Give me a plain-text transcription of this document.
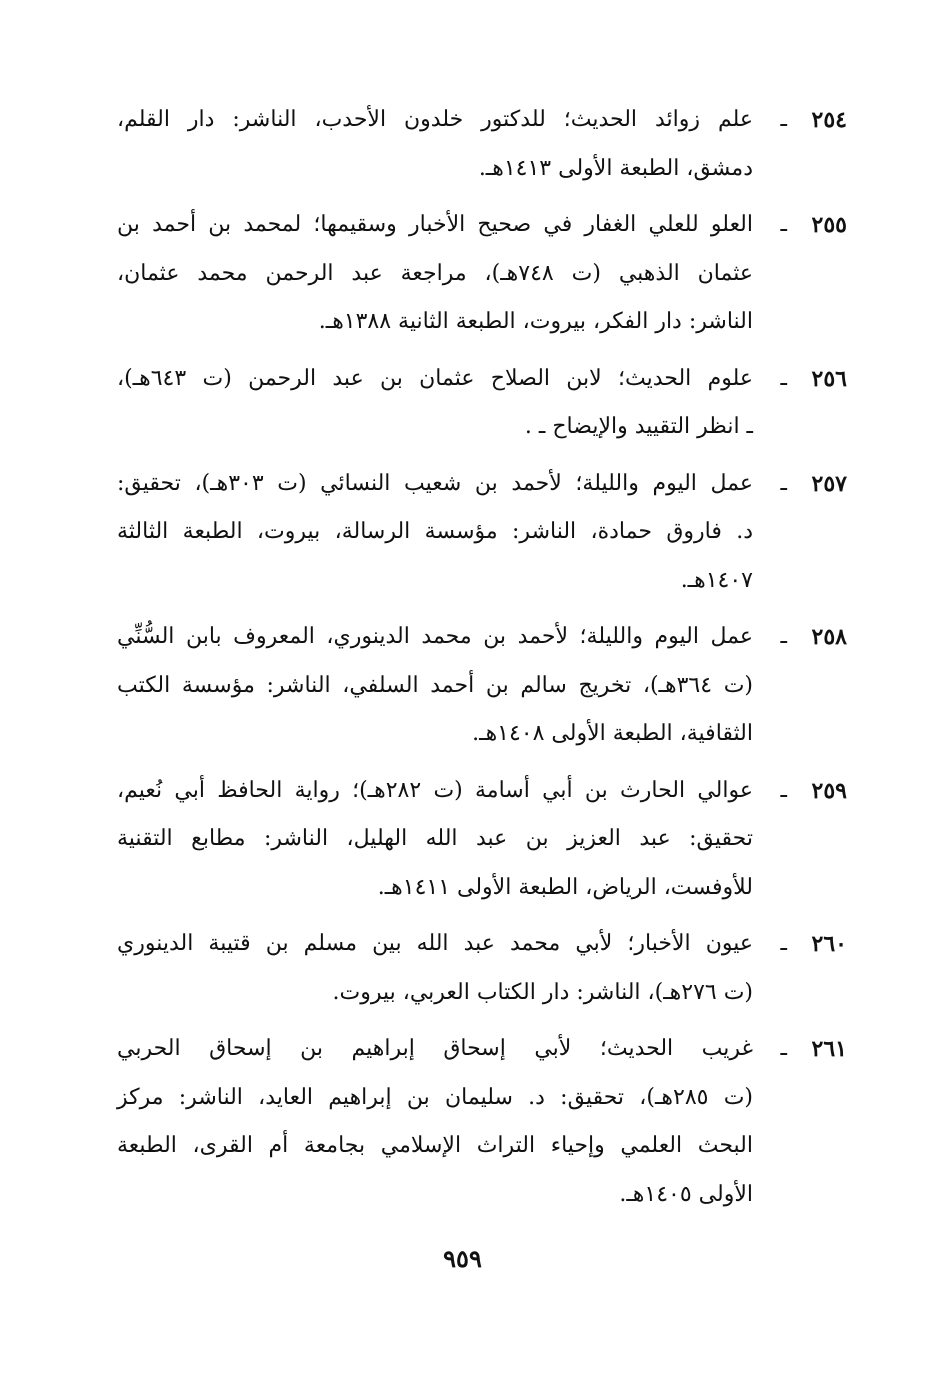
٢٥٤
ـ
علم زوائد الحديث؛ للدكتور خلدون الأحدب، الناشر: دار القلم،
دمشق، الطبعة الأولى ١٤١٣هـ.
٢٥٥
ـ
العلو للعلي الغفار في صحيح الأخبار وسقيمها؛ لمحمد بن أحمد بن
عثمان الذهبي (ت ٧٤٨هـ)، مراجعة عبد الرحمن محمد عثمان،
الناشر: دار الفكر، بيروت، الطبعة الثانية ١٣٨٨هـ.
٢٥٦
ـ
علوم الحديث؛ لابن الصلاح عثمان بن عبد الرحمن (ت ٦٤٣هـ)،
ـ انظر التقييد والإيضاح ـ .
٢٥٧
ـ
عمل اليوم والليلة؛ لأحمد بن شعيب النسائي (ت ٣٠٣هـ)، تحقيق:
د. فاروق حمادة، الناشر: مؤسسة الرسالة، بيروت، الطبعة الثالثة
١٤٠٧هـ.
٢٥٨
ـ
عمل اليوم والليلة؛ لأحمد بن محمد الدينوري، المعروف بابن السُّنِّي
(ت ٣٦٤هـ)، تخريج سالم بن أحمد السلفي، الناشر: مؤسسة الكتب
الثقافية، الطبعة الأولى ١٤٠٨هـ.
٢٥٩
ـ
عوالي الحارث بن أبي أسامة (ت ٢٨٢هـ)؛ رواية الحافظ أبي نُعيم،
تحقيق: عبد العزيز بن عبد الله الهليل، الناشر: مطابع التقنية
للأوفست، الرياض، الطبعة الأولى ١٤١١هـ.
٢٦٠
ـ
عيون الأخبار؛ لأبي محمد عبد الله بين مسلم بن قتيبة الدينوري
(ت ٢٧٦هـ)، الناشر: دار الكتاب العربي، بيروت.
٢٦١
ـ
غريب الحديث؛ لأبي إسحاق إبراهيم بن إسحاق الحربي
(ت ٢٨٥هـ)، تحقيق: د. سليمان بن إبراهيم العايد، الناشر: مركز
البحث العلمي وإحياء التراث الإسلامي بجامعة أم القرى، الطبعة
الأولى ١٤٠٥هـ.
٩٥٩
